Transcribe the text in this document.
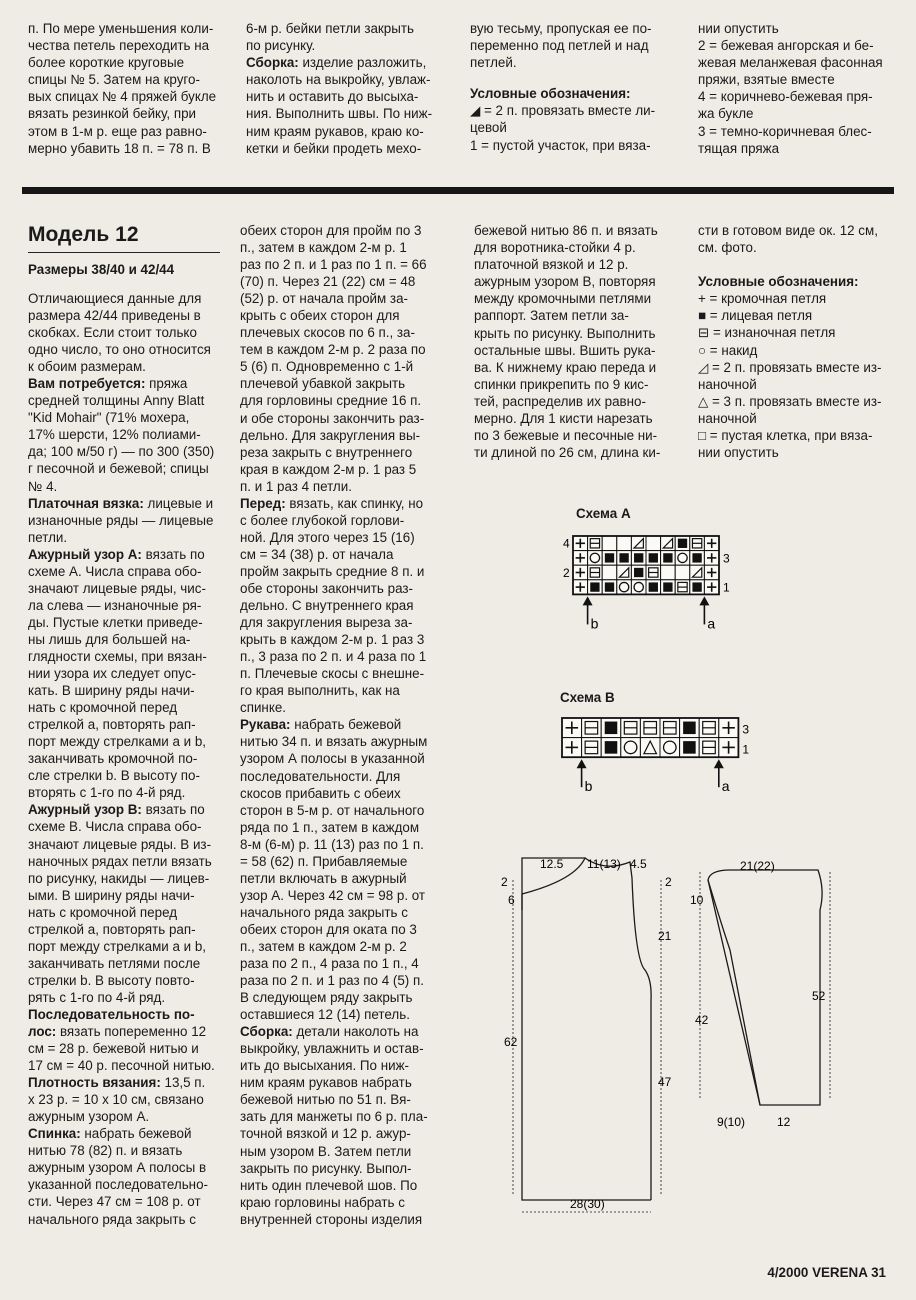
п. По мере уменьшения коли-

чества петель переходить на

более короткие круговые

спицы № 5. Затем на круго-

вых спицах № 4 пряжей букле

вязать резинкой бейку, при

этом в 1-м р. еще раз равно-

мерно убавить 18 п. = 78 п. В

6-м р. бейки петли закрыть

по рисунку.

Сборка: изделие разложить,

наколоть на выкройку, увлаж-

нить и оставить до высыха-

ния. Выполнить швы. По ниж-

ним краям рукавов, краю ко-

кетки и бейки продеть мехо-

вую тесьму, пропуская ее по-

переменно под петлей и над

петлей.

Условные обозначения:

◢ = 2 п. провязать вместе ли-

цевой

1 = пустой участок, при вяза-

нии опустить

2 = бежевая ангорская и бе-

жевая меланжевая фасонная

пряжи, взятые вместе

4 = коричнево-бежевая пря-

жа букле

3 = темно-коричневая блес-

тящая пряжа

Модель 12
Размеры 38/40 и 42/44

Отличающиеся данные для

размера 42/44 приведены в

скобках. Если стоит только

одно число, то оно относится

к обоим размерам.

Вам потребуется: пряжа

средней толщины Anny Blatt

"Kid Mohair" (71% мохера,

17% шерсти, 12% полиами-

да; 100 м/50 г) — по 300 (350)

г песочной и бежевой; спицы

№ 4.

Платочная вязка: лицевые и

изнаночные ряды — лицевые

петли.

Ажурный узор А: вязать по

схеме А. Числа справа обо-

значают лицевые ряды, чис-

ла слева — изнаночные ря-

ды. Пустые клетки приведе-

ны лишь для большей на-

глядности схемы, при вязан-

нии узора их следует опус-

кать. В ширину ряды начи-

нать с кромочной перед

стрелкой а, повторять рап-

порт между стрелками а и b,

заканчивать кромочной по-

сле стрелки b. В высоту по-

вторять с 1-го по 4-й ряд.

Ажурный узор В: вязать по

схеме В. Числа справа обо-

значают лицевые ряды. В из-

наночных рядах петли вязать

по рисунку, накиды — лицев-

ыми. В ширину ряды начи-

нать с кромочной перед

стрелкой а, повторять рап-

порт между стрелками а и b,

заканчивать петлями после

стрелки b. В высоту повто-

рять с 1-го по 4-й ряд.

Последовательность по-

лос: вязать попеременно 12

см = 28 р. бежевой нитью и

17 см = 40 р. песочной нитью.

Плотность вязания: 13,5 п.

x 23 р. = 10 x 10 см, связано

ажурным узором А.

Спинка: набрать бежевой

нитью 78 (82) п. и вязать

ажурным узором А полосы в

указанной последовательно-

сти. Через 47 см = 108 р. от

начального ряда закрыть с

обеих сторон для пройм по 3

п., затем в каждом 2-м р. 1

раз по 2 п. и 1 раз по 1 п. = 66

(70) п. Через 21 (22) см = 48

(52) р. от начала пройм за-

крыть с обеих сторон для

плечевых скосов по 6 п., за-

тем в каждом 2-м р. 2 раза по

5 (6) п. Одновременно с 1-й

плечевой убавкой закрыть

для горловины средние 16 п.

и обе стороны закончить раз-

дельно. Для закругления вы-

реза закрыть с внутреннего

края в каждом 2-м р. 1 раз 5

п. и 1 раз 4 петли.

Перед: вязать, как спинку, но

с более глубокой горлови-

ной. Для этого через 15 (16)

см = 34 (38) р. от начала

пройм закрыть средние 8 п. и

обе стороны закончить раз-

дельно. С внутреннего края

для закругления выреза за-

крыть в каждом 2-м р. 1 раз 3

п., 3 раза по 2 п. и 4 раза по 1

п. Плечевые скосы с внешне-

го края выполнить, как на

спинке.

Рукава: набрать бежевой

нитью 34 п. и вязать ажурным

узором А полосы в указанной

последовательности. Для

скосов прибавить с обеих

сторон в 5-м р. от начального

ряда по 1 п., затем в каждом

8-м (6-м) р. 11 (13) раз по 1 п.

= 58 (62) п. Прибавляемые

петли включать в ажурный

узор А. Через 42 см = 98 р. от

начального ряда закрыть с

обеих сторон для оката по 3

п., затем в каждом 2-м р. 2

раза по 2 п., 4 раза по 1 п., 4

раза по 2 п. и 1 раз по 4 (5) п.

В следующем ряду закрыть

оставшиеся 12 (14) петель.

Сборка: детали наколоть на

выкройку, увлажнить и остав-

ить до высыхания. По ниж-

ним краям рукавов набрать

бежевой нитью по 51 п. Вя-

зать для манжеты по 6 р. пла-

точной вязкой и 12 р. ажур-

ным узором В. Затем петли

закрыть по рисунку. Выпол-

нить один плечевой шов. По

краю горловины набрать с

внутренней стороны изделия

бежевой нитью 86 п. и вязать

для воротника-стойки 4 р.

платочной вязкой и 12 р.

ажурным узором В, повторяя

между кромочными петлями

раппорт. Затем петли за-

крыть по рисунку. Выполнить

остальные швы. Вшить рука-

ва. К нижнему краю переда и

спинки прикрепить по 9 кис-

тей, распределив их равно-

мерно. Для 1 кисти нарезать

по 3 бежевые и песочные ни-

ти длиной по 26 см, длина ки-

сти в готовом виде ок. 12 см,

см. фото.

Условные обозначения:

+ = кромочная петля

■ = лицевая петля

⊟ = изнаночная петля

○ = накид

◿ = 2 п. провязать вместе из-

наночной

△ = 3 п. провязать вместе из-

наночной

□ = пустая клетка, при вяза-

нии опустить

Схема А
4
3
2
1
b	a
Схема В
3
1
b	a
12.5 11(13) 4.5
2
6
2
21
62
47
28(30)
21(22)
10
42
52
9(10)	12
4/2000 VERENA 31
